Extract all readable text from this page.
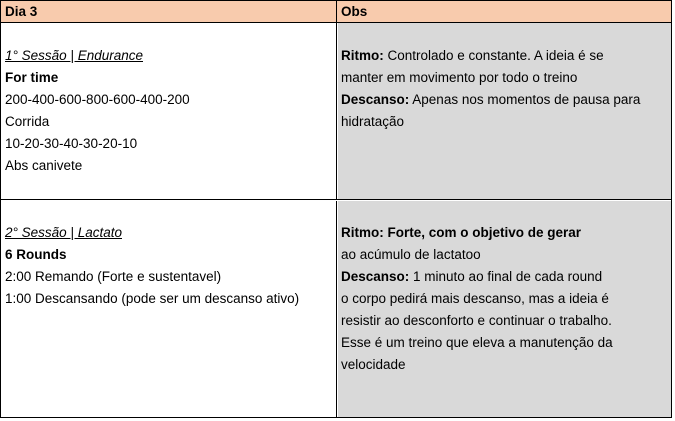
Dia 3	Obs
1° Sessão | Endurance
For time
200-400-600-800-600-400-200
Corrida
10-20-30-40-30-20-10
Abs canivete
Ritmo: Controlado e constante. A ideia é se
manter em movimento por todo o treino
Descanso: Apenas nos momentos de pausa para
hidratação
2° Sessão | Lactato
6 Rounds
2:00 Remando (Forte e sustentavel)
1:00 Descansando (pode ser um descanso ativo)
Ritmo: Forte, com o objetivo de gerar
ao acúmulo de lactatoo
Descanso: 1 minuto ao final de cada round
o corpo pedirá mais descanso, mas a ideia é
resistir ao desconforto e continuar o trabalho.
Esse é um treino que eleva a manutenção da
velocidade
